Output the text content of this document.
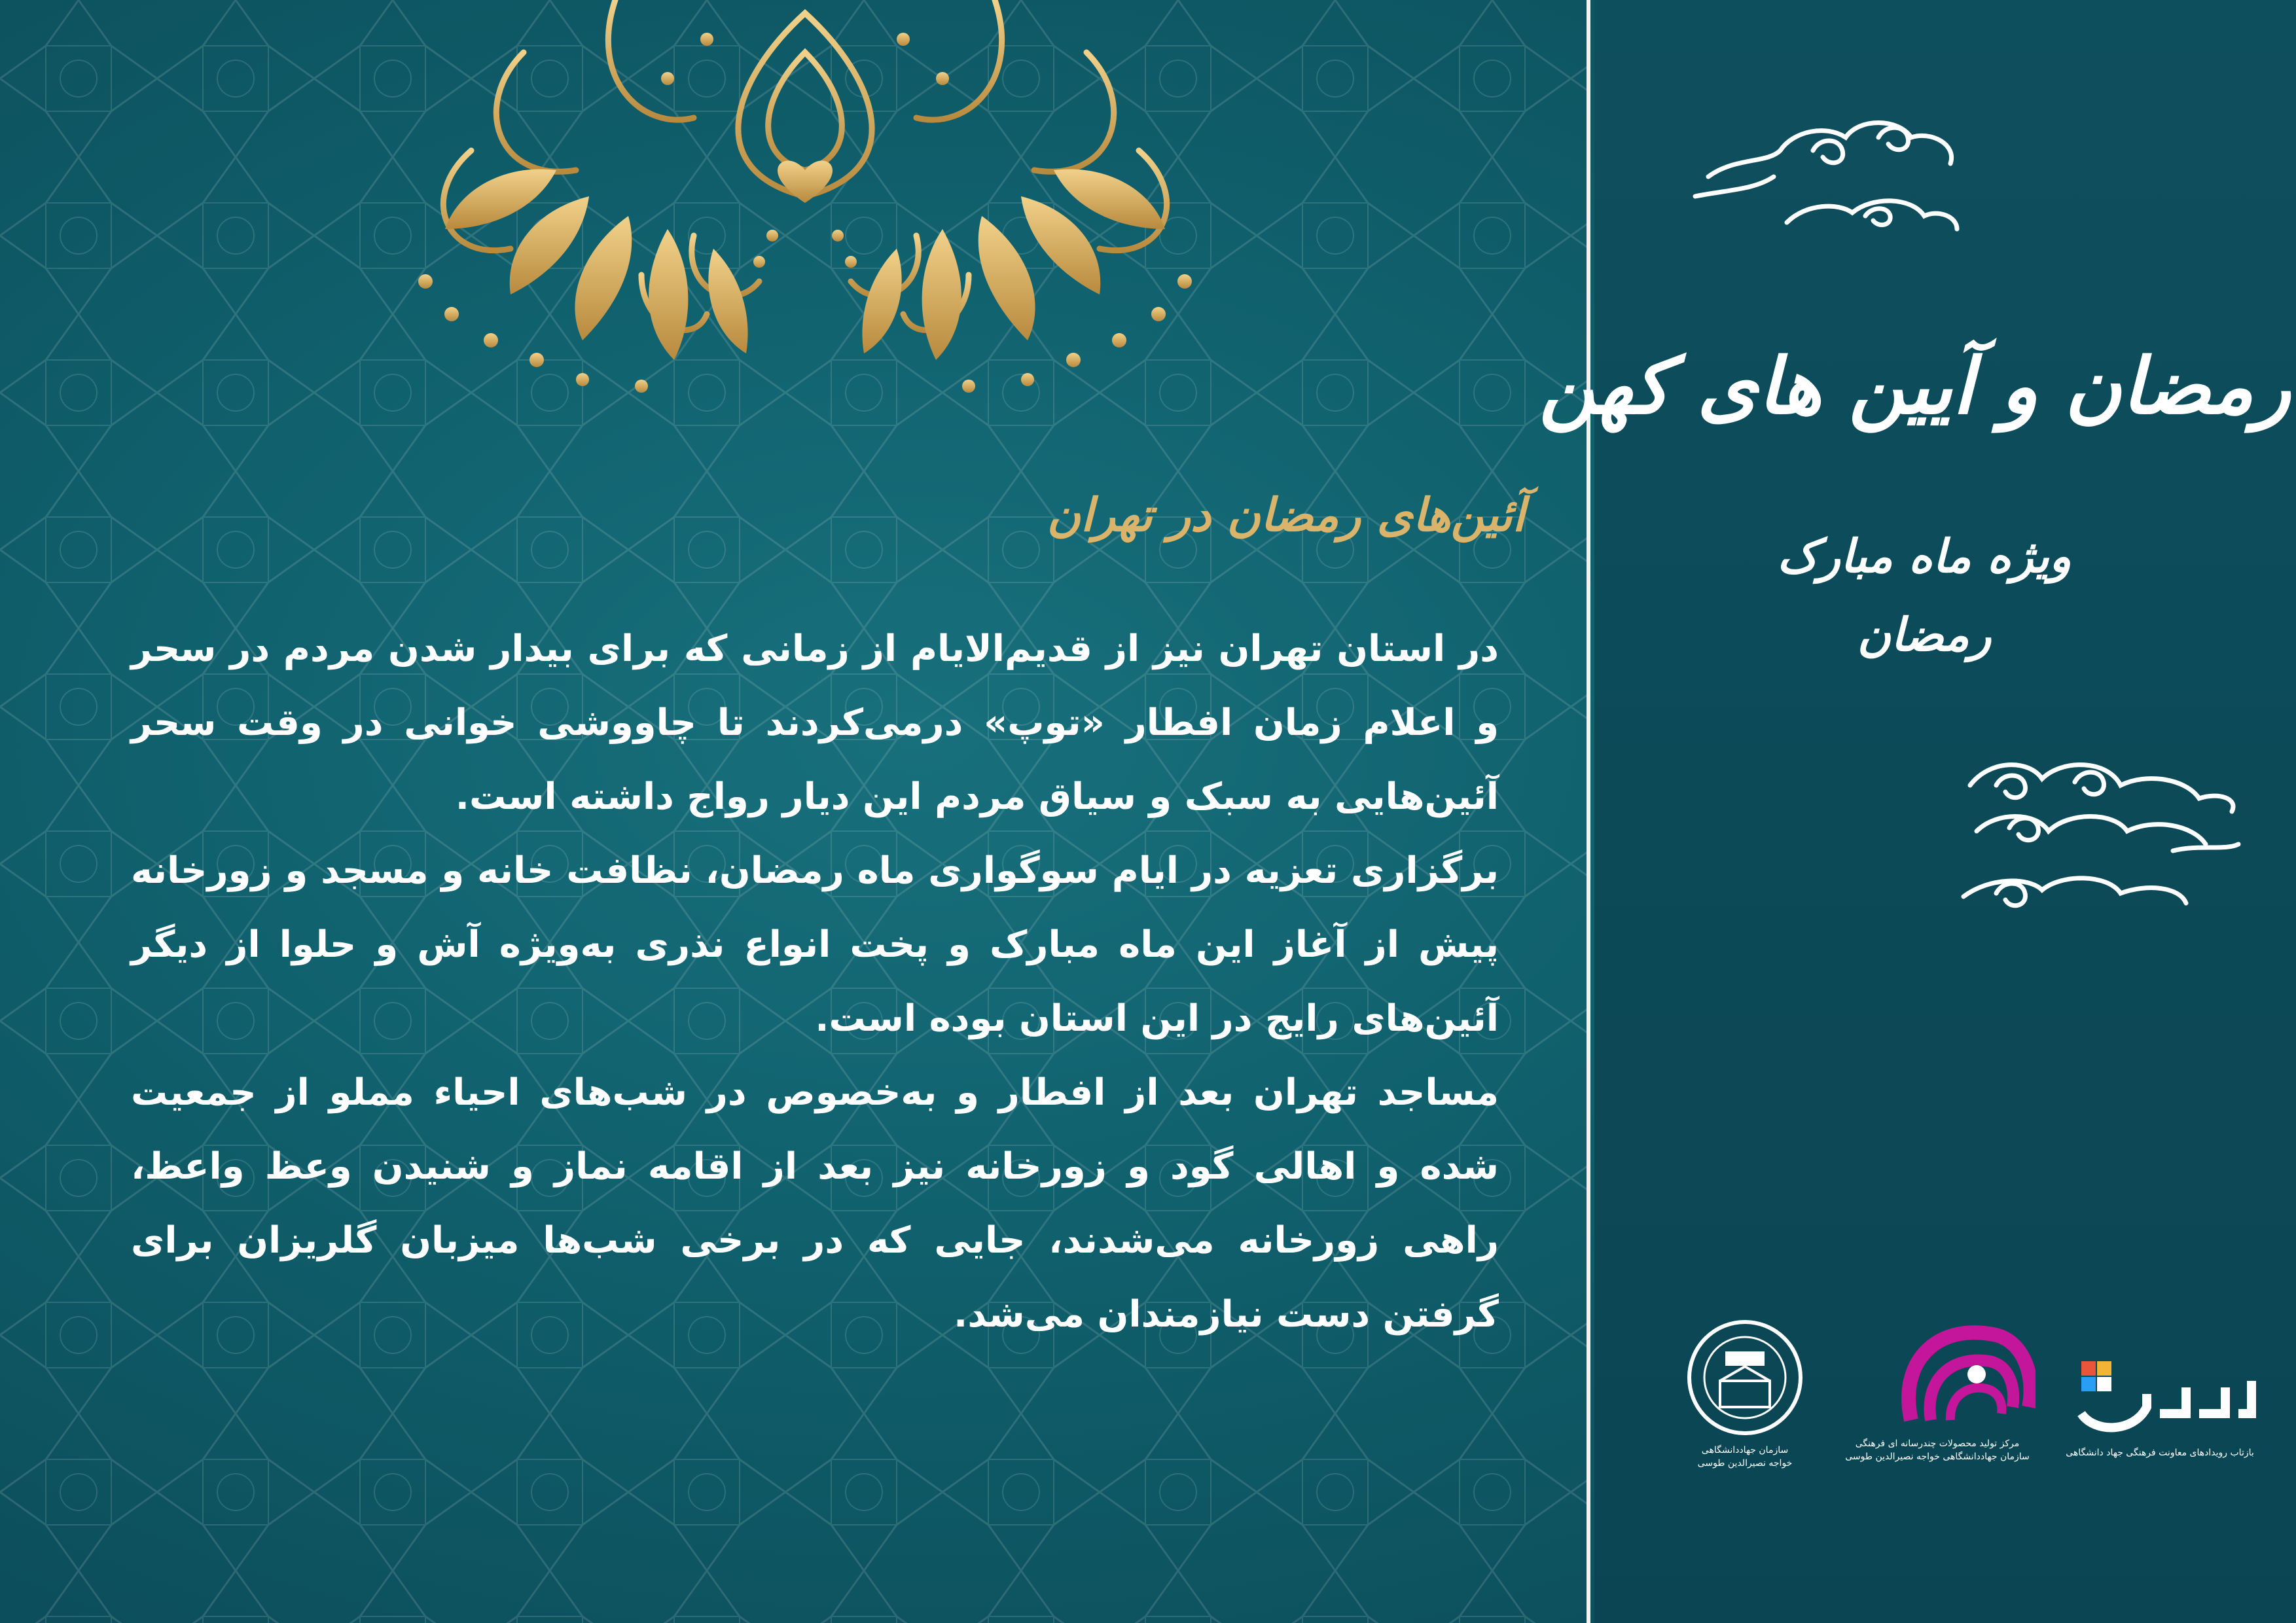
آئین‌های رمضان در تهران

در استان تهران نیز از قدیم‌الایام از زمانی که برای بیدار شدن مردم در سحر و اعلام زمان افطار «توپ» درمی‌کردند تا چاووشی خوانی در وقت سحر آئین‌هایی به سبک و سیاق مردم این دیار رواج داشته است.

برگزاری تعزیه در ایام سوگواری ماه رمضان، نظافت خانه و مسجد و زورخانه پیش از آغاز این ماه مبارک و پخت انواع نذری به‌ویژه آش و حلوا از دیگر آئین‌های رایج در این استان بوده است.

مساجد تهران بعد از افطار و به‌خصوص در شب‌های احیاء مملو از جمعیت شده و اهالی گود و زورخانه نیز بعد از اقامه نماز و شنیدن وعظ واعظ، راهی زورخانه می‌شدند، جایی که در برخی شب‌ها میزبان گلریزان برای گرفتن دست نیازمندان می‌شد.

رمضان و آیین های کهن
ویژه ماه مبارک
رمضان
سازمان جهاددانشگاهی
خواجه نصیرالدین طوسی
مرکز تولید محصولات چندرسانه ای فرهنگی
سازمان جهاددانشگاهی خواجه نصیرالدین طوسی	بازتاب رویدادهای معاونت فرهنگی جهاد دانشگاهی
